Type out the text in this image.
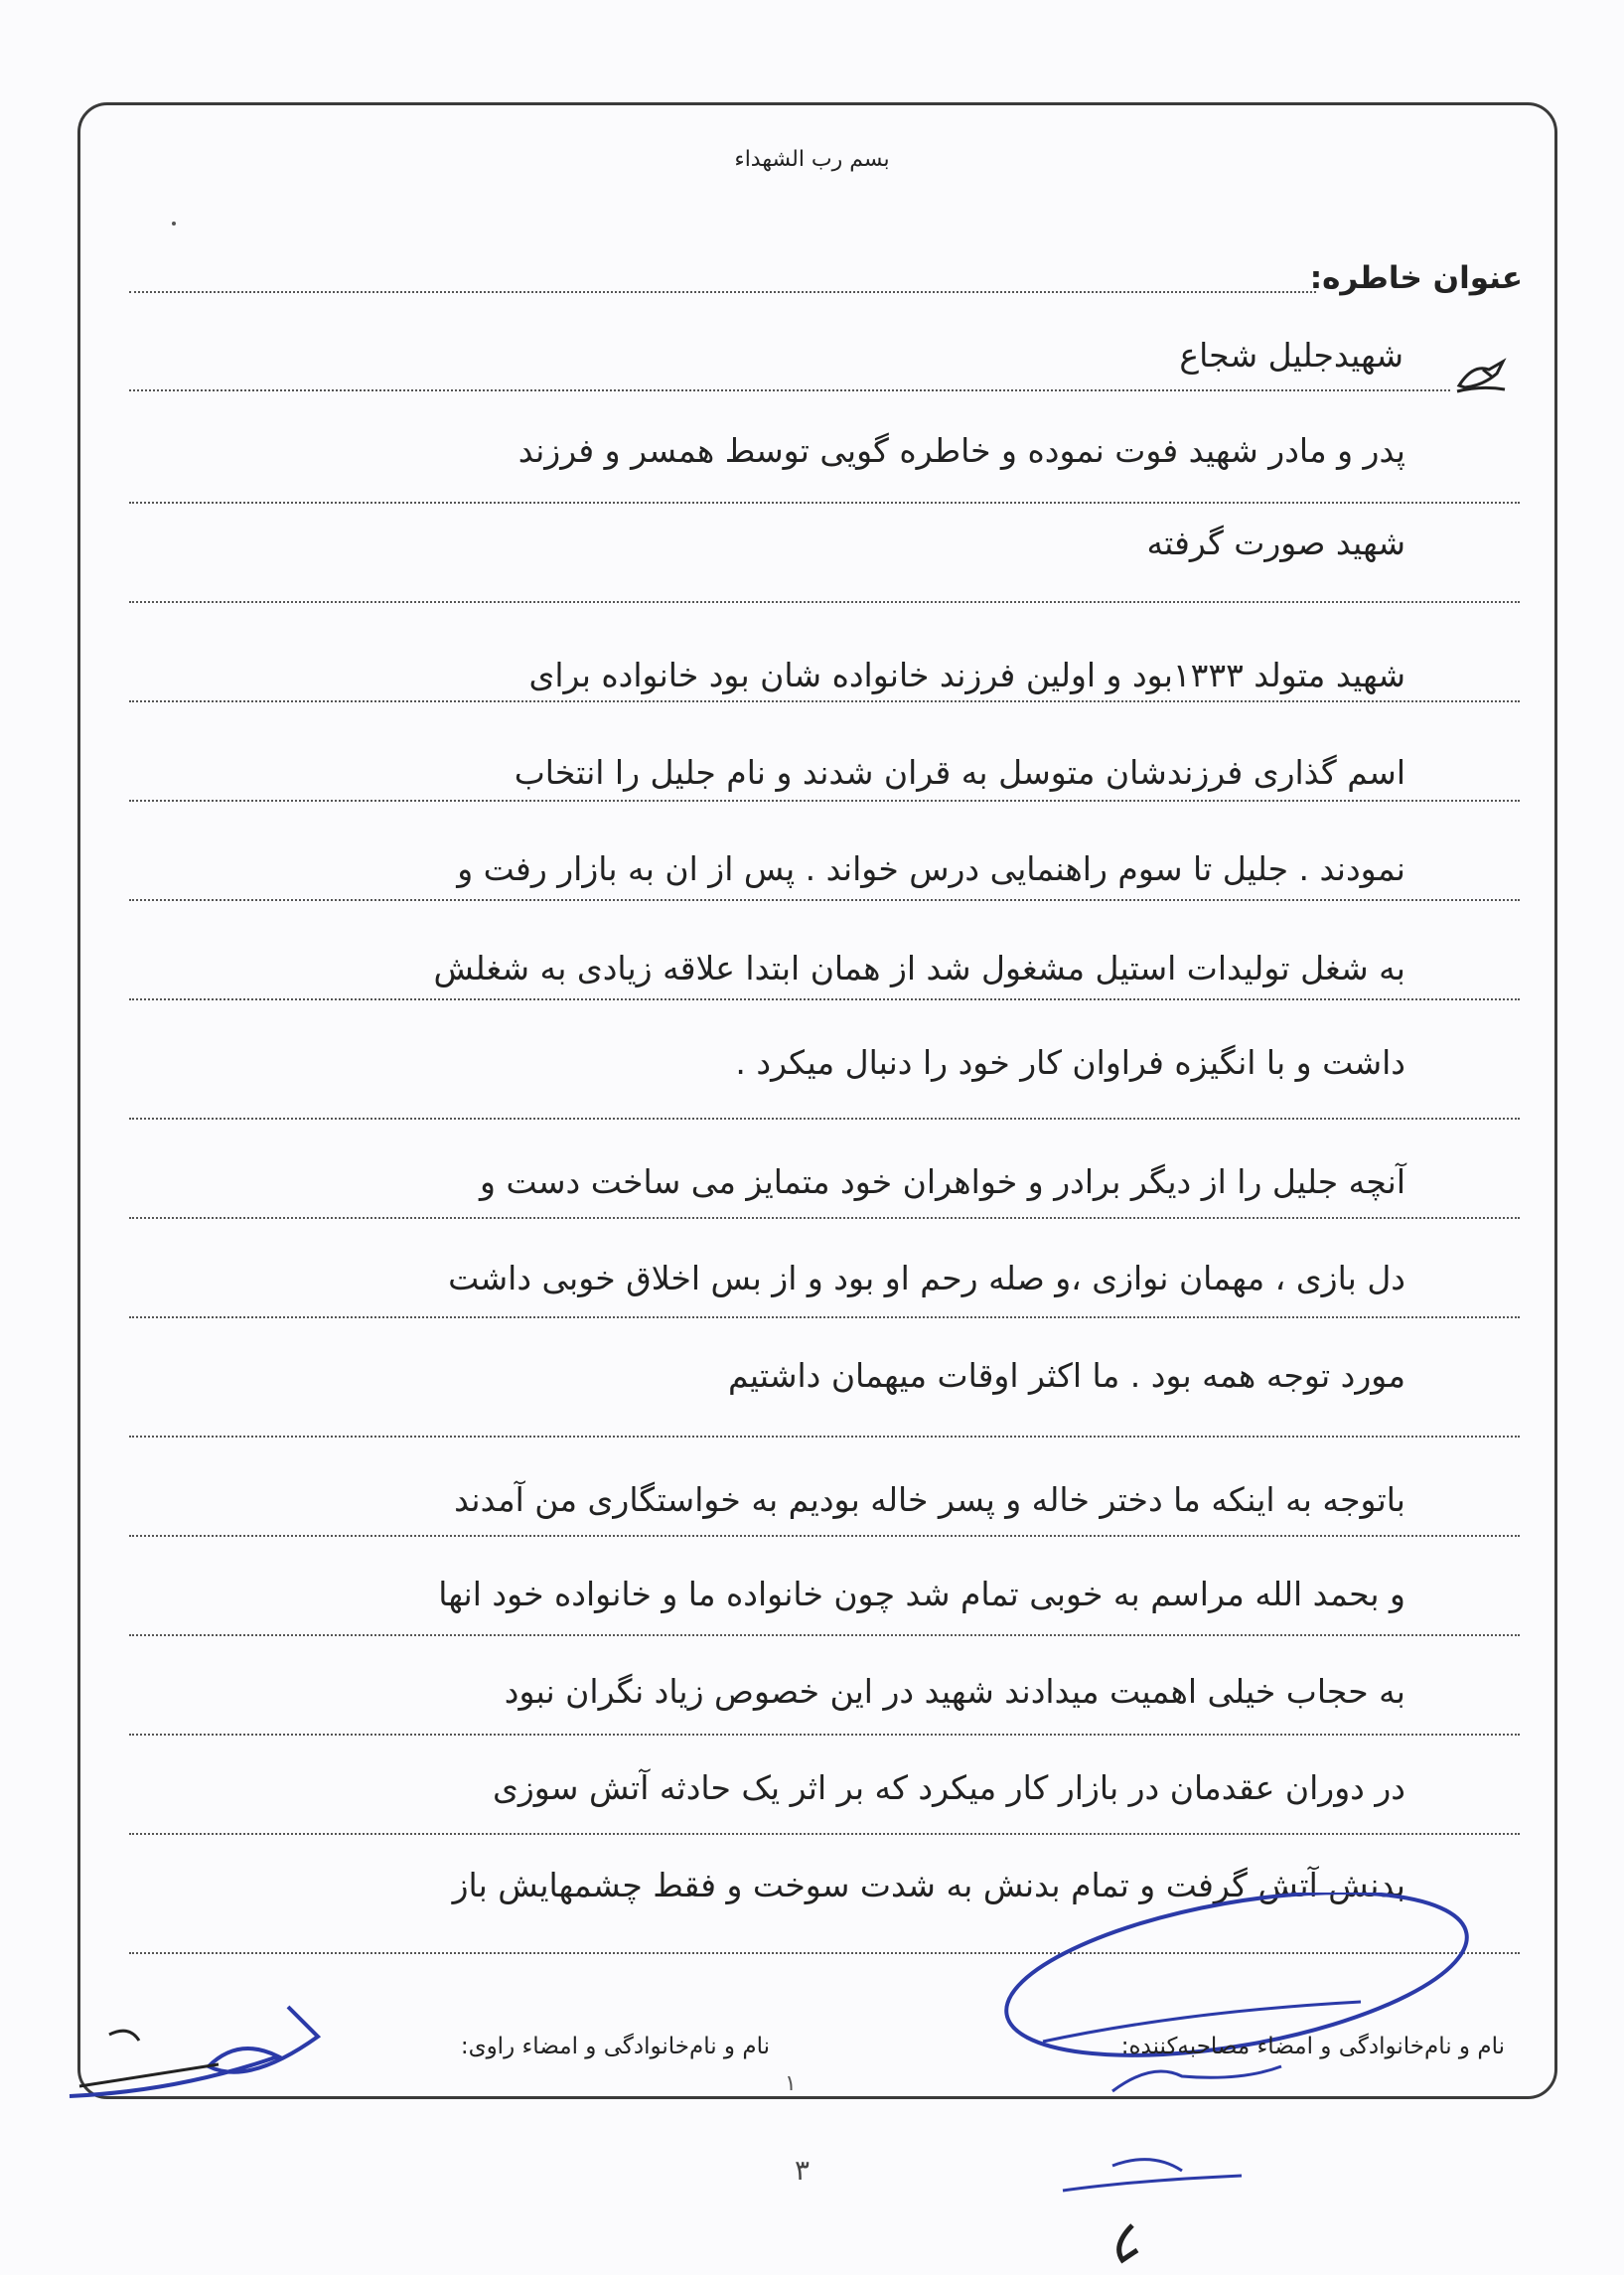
بسم رب الشهداء
عنوان خاطره:
شهیدجلیل شجاع
پدر و مادر شهید فوت نموده و خاطره گویی توسط همسر و فرزند
شهید صورت گرفته
شهید متولد ۱۳۳۳بود و اولین فرزند خانواده شان بود خانواده برای
اسم گذاری فرزندشان متوسل به قران شدند و نام جلیل را انتخاب
نمودند . جلیل تا سوم راهنمایی درس خواند . پس از ان به بازار رفت و
به شغل تولیدات استیل مشغول شد از همان ابتدا علاقه زیادی به شغلش
داشت و با انگیزه فراوان کار خود را دنبال میکرد .
آنچه جلیل را از دیگر برادر و خواهران خود متمایز می ساخت دست و
دل بازی ، مهمان نوازی ،و صله رحم او بود و از بس اخلاق خوبی داشت
مورد توجه همه بود . ما اکثر اوقات میهمان داشتیم
باتوجه به اینکه ما دختر خاله و پسر خاله بودیم به خواستگاری من آمدند
و بحمد الله مراسم به خوبی تمام شد چون خانواده ما و خانواده خود انها
به حجاب خیلی اهمیت میدادند شهید در این خصوص زیاد نگران نبود
در دوران عقدمان در بازار کار میکرد که بر اثر یک حادثه آتش سوزی
بدنش آتش گرفت و تمام بدنش به شدت سوخت و فقط چشمهایش باز
نام و نام‌خانوادگی و امضاء مصاحبه‌کننده:
نام و نام‌خانوادگی و امضاء راوی:
۱
۳
